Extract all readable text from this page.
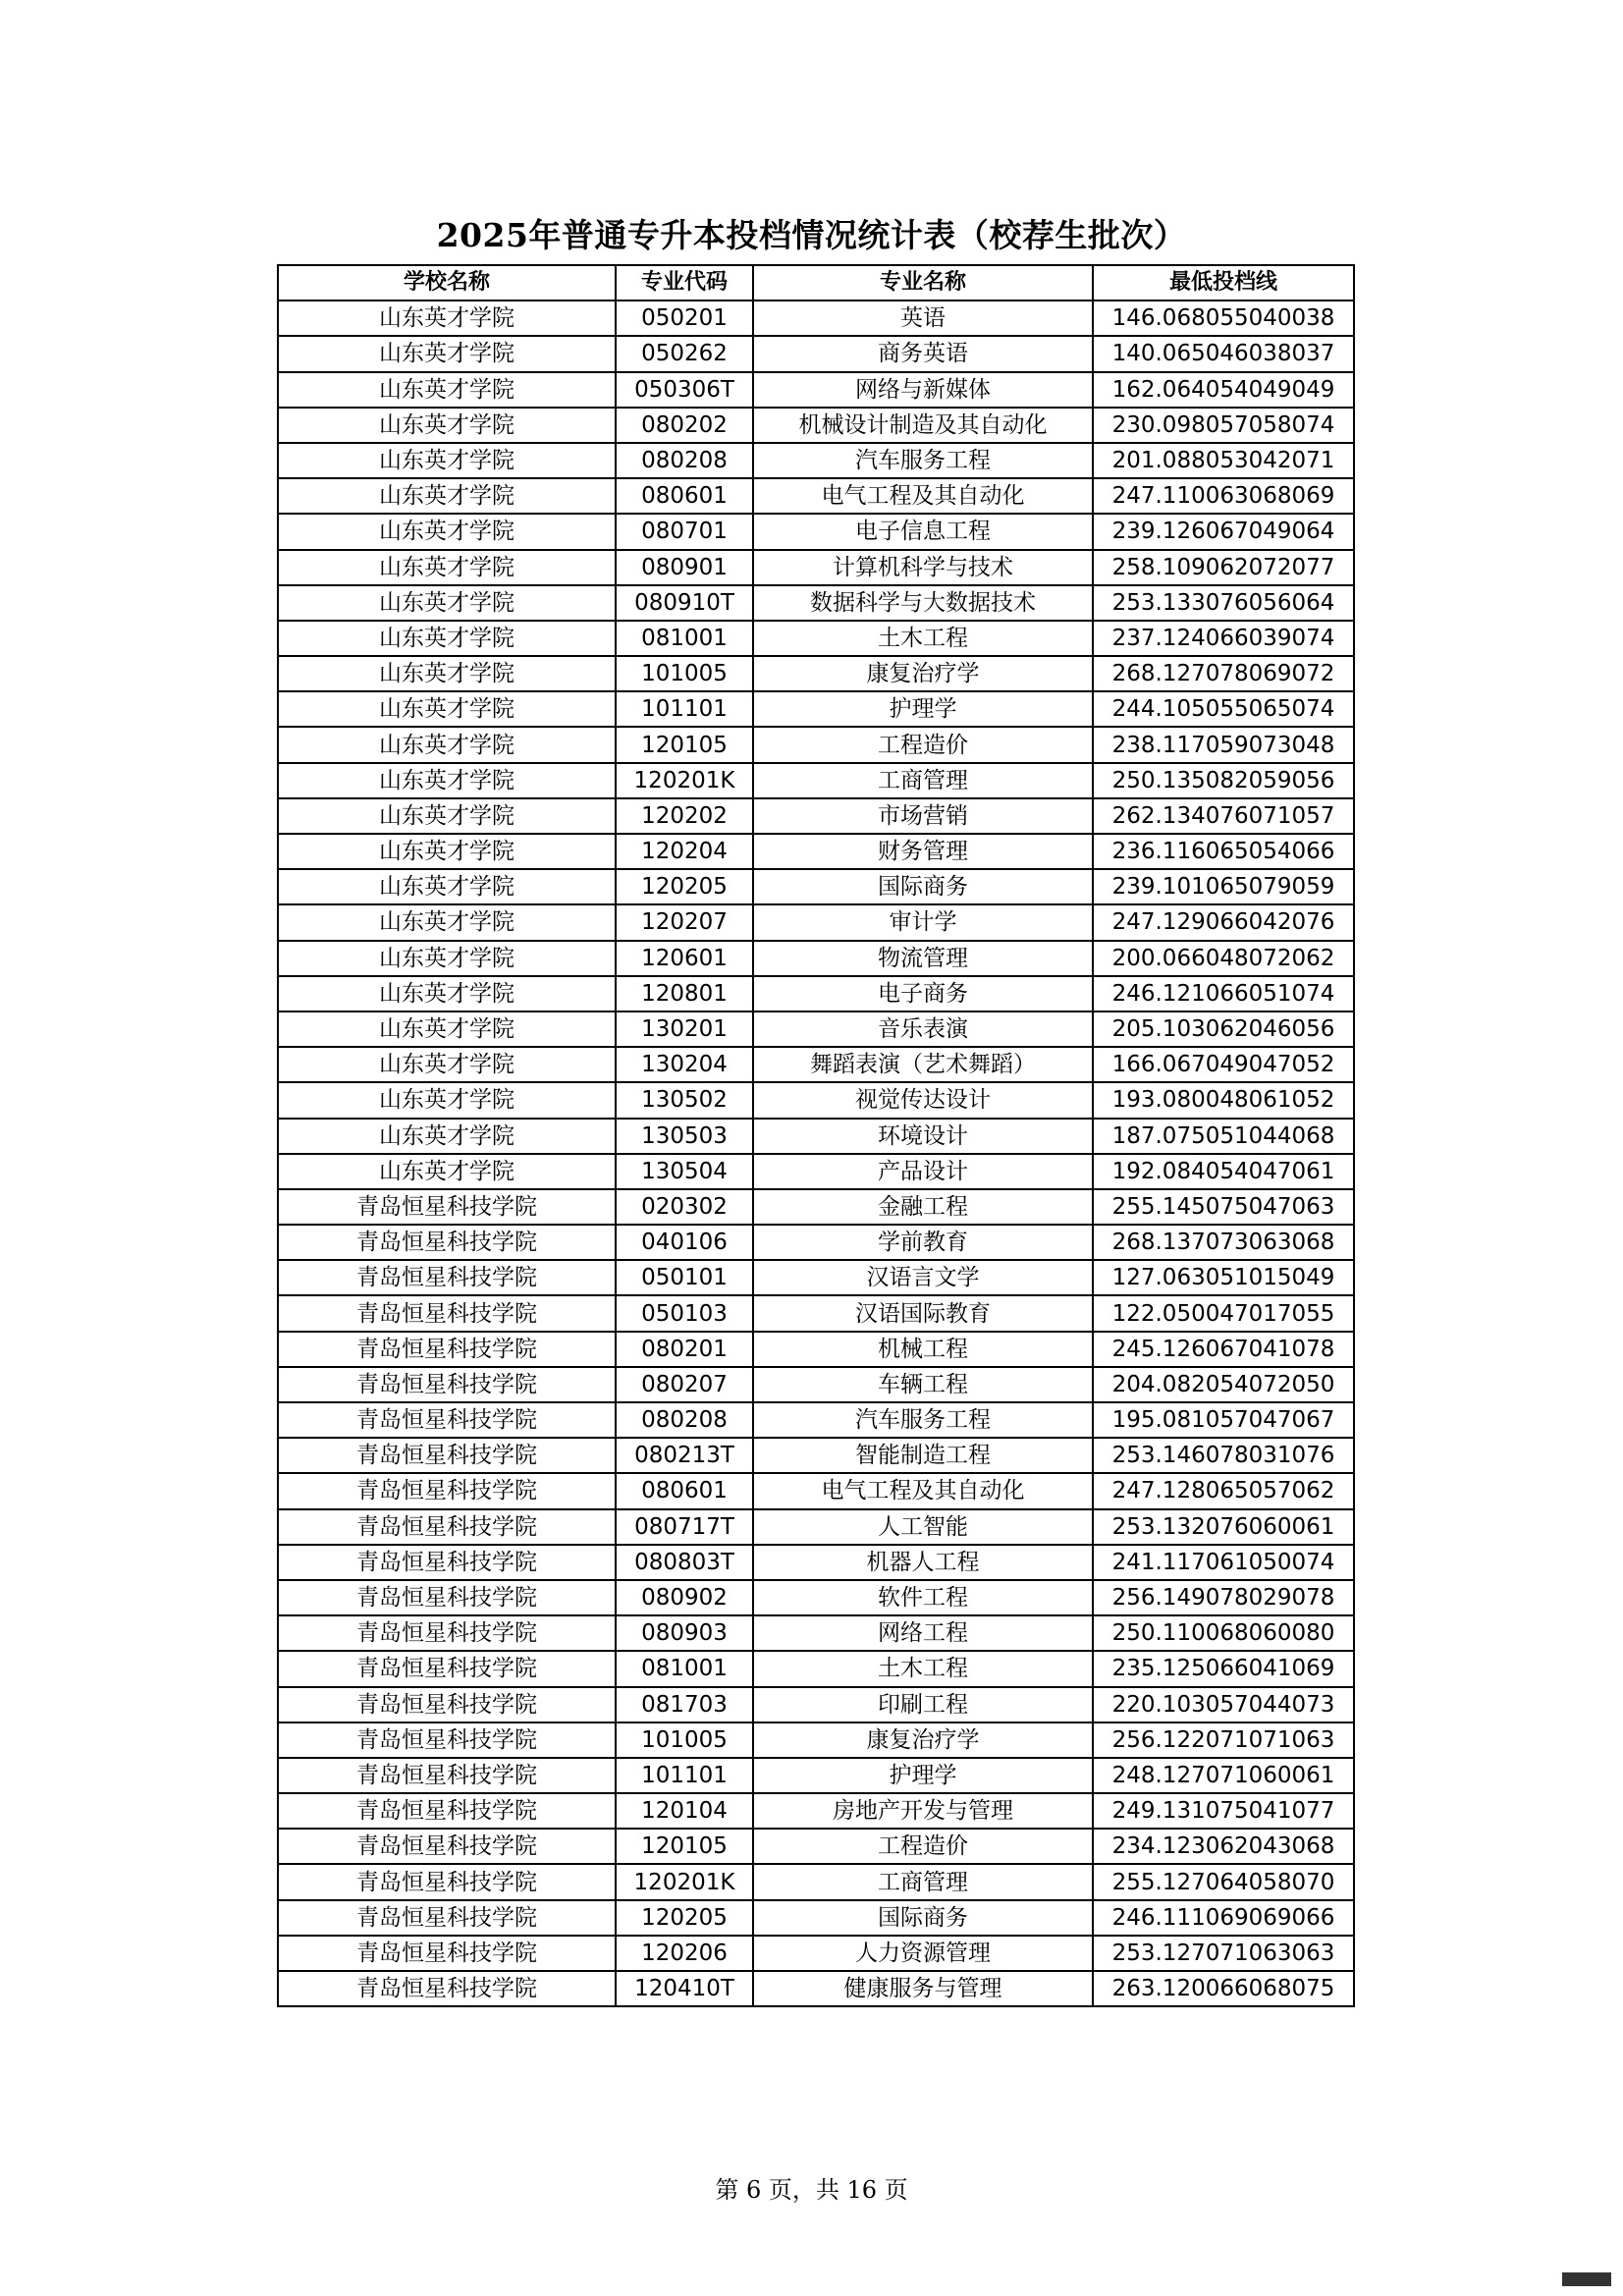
2025年普通专升本投档情况统计表（校荐生批次）
学校名称	专业代码	专业名称	最低投档线
山东英才学院	050201	英语	146.068055040038
山东英才学院	050262	商务英语	140.065046038037
山东英才学院	050306T	网络与新媒体	162.064054049049
山东英才学院	080202	机械设计制造及其自动化	230.098057058074
山东英才学院	080208	汽车服务工程	201.088053042071
山东英才学院	080601	电气工程及其自动化	247.110063068069
山东英才学院	080701	电子信息工程	239.126067049064
山东英才学院	080901	计算机科学与技术	258.109062072077
山东英才学院	080910T	数据科学与大数据技术	253.133076056064
山东英才学院	081001	土木工程	237.124066039074
山东英才学院	101005	康复治疗学	268.127078069072
山东英才学院	101101	护理学	244.105055065074
山东英才学院	120105	工程造价	238.117059073048
山东英才学院	120201K	工商管理	250.135082059056
山东英才学院	120202	市场营销	262.134076071057
山东英才学院	120204	财务管理	236.116065054066
山东英才学院	120205	国际商务	239.101065079059
山东英才学院	120207	审计学	247.129066042076
山东英才学院	120601	物流管理	200.066048072062
山东英才学院	120801	电子商务	246.121066051074
山东英才学院	130201	音乐表演	205.103062046056
山东英才学院	130204	舞蹈表演（艺术舞蹈）	166.067049047052
山东英才学院	130502	视觉传达设计	193.080048061052
山东英才学院	130503	环境设计	187.075051044068
山东英才学院	130504	产品设计	192.084054047061
青岛恒星科技学院	020302	金融工程	255.145075047063
青岛恒星科技学院	040106	学前教育	268.137073063068
青岛恒星科技学院	050101	汉语言文学	127.063051015049
青岛恒星科技学院	050103	汉语国际教育	122.050047017055
青岛恒星科技学院	080201	机械工程	245.126067041078
青岛恒星科技学院	080207	车辆工程	204.082054072050
青岛恒星科技学院	080208	汽车服务工程	195.081057047067
青岛恒星科技学院	080213T	智能制造工程	253.146078031076
青岛恒星科技学院	080601	电气工程及其自动化	247.128065057062
青岛恒星科技学院	080717T	人工智能	253.132076060061
青岛恒星科技学院	080803T	机器人工程	241.117061050074
青岛恒星科技学院	080902	软件工程	256.149078029078
青岛恒星科技学院	080903	网络工程	250.110068060080
青岛恒星科技学院	081001	土木工程	235.125066041069
青岛恒星科技学院	081703	印刷工程	220.103057044073
青岛恒星科技学院	101005	康复治疗学	256.122071071063
青岛恒星科技学院	101101	护理学	248.127071060061
青岛恒星科技学院	120104	房地产开发与管理	249.131075041077
青岛恒星科技学院	120105	工程造价	234.123062043068
青岛恒星科技学院	120201K	工商管理	255.127064058070
青岛恒星科技学院	120205	国际商务	246.111069069066
青岛恒星科技学院	120206	人力资源管理	253.127071063063
青岛恒星科技学院	120410T	健康服务与管理	263.120066068075
第 6 页，共 16 页
